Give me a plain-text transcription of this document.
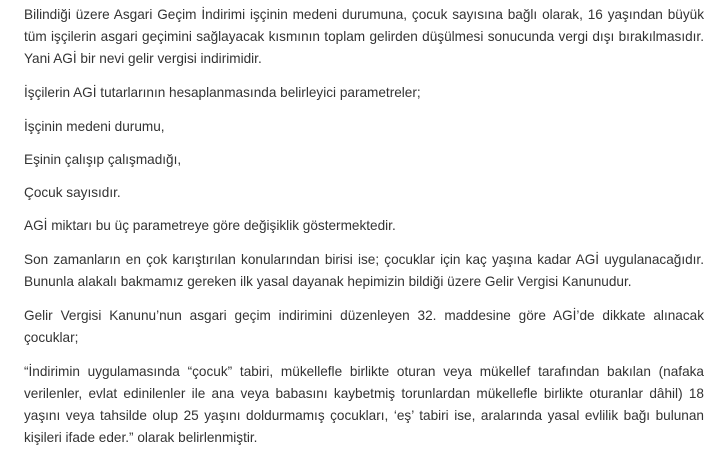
Bilindiği üzere Asgari Geçim İndirimi işçinin medeni durumuna, çocuk sayısına bağlı olarak, 16 yaşından büyük tüm işçilerin asgari geçimini sağlayacak kısmının toplam gelirden düşülmesi sonucunda vergi dışı bırakılmasıdır. Yani AGİ bir nevi gelir vergisi indirimidir.

İşçilerin AGİ tutarlarının hesaplanmasında belirleyici parametreler;

İşçinin medeni durumu,

Eşinin çalışıp çalışmadığı,

Çocuk sayısıdır.

AGİ miktarı bu üç parametreye göre değişiklik göstermektedir.

Son zamanların en çok karıştırılan konularından birisi ise; çocuklar için kaç yaşına kadar AGİ uygulanacağıdır. Bununla alakalı bakmamız gereken ilk yasal dayanak hepimizin bildiği üzere Gelir Vergisi Kanunudur.

Gelir Vergisi Kanunu’nun asgari geçim indirimini düzenleyen 32. maddesine göre AGİ’de dikkate alınacak çocuklar;

“İndirimin uygulamasında “çocuk” tabiri, mükellefle birlikte oturan veya mükellef tarafından bakılan (nafaka verilenler, evlat edinilenler ile ana veya babasını kaybetmiş torunlardan mükellefle birlikte oturanlar dâhil) 18 yaşını veya tahsilde olup 25 yaşını doldurmamış çocukları, ‘eş’ tabiri ise, aralarında yasal evlilik bağı bulunan kişileri ifade eder.” olarak belirlenmiştir.
